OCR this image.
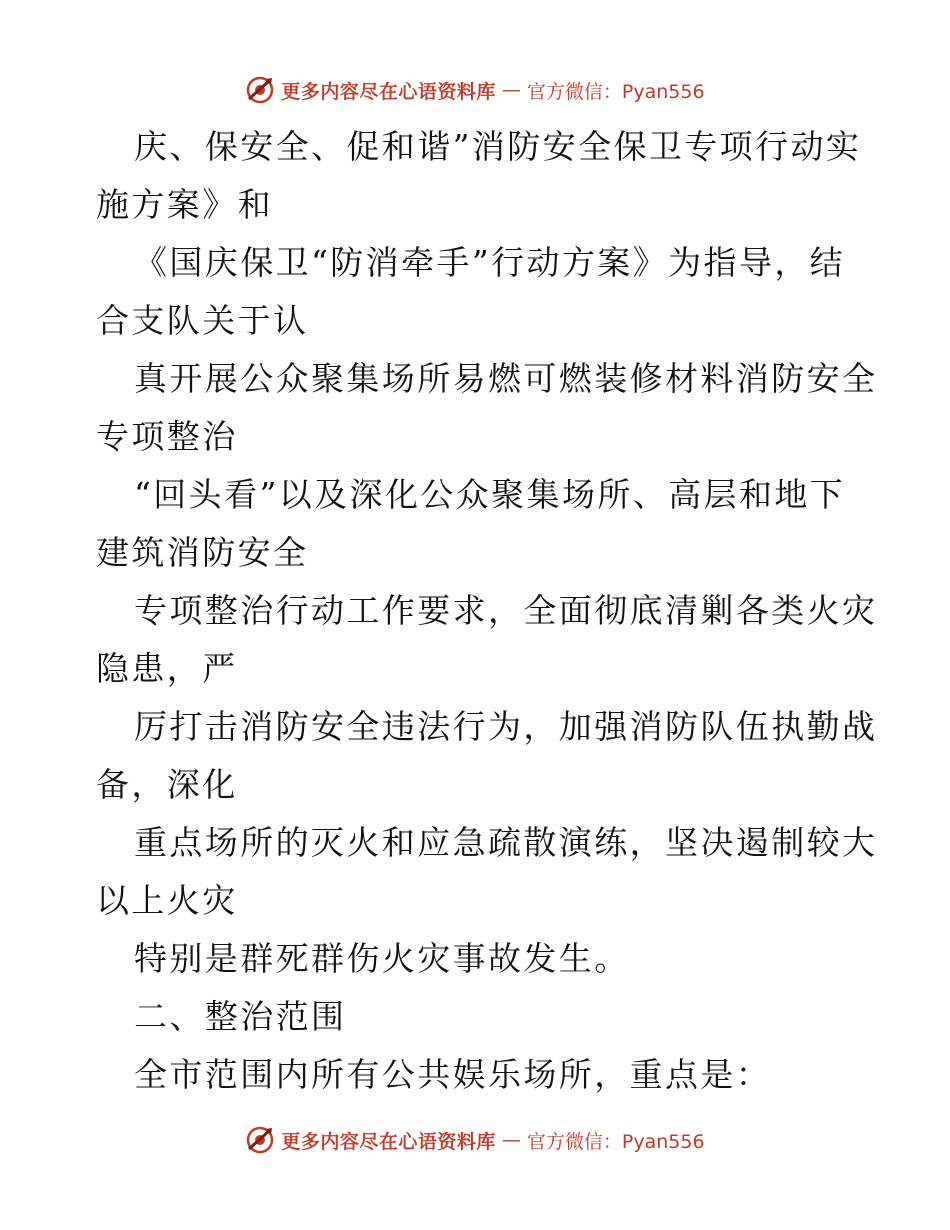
更多内容尽在心语资料库 — 官方微信：Pyan556
庆、保安全、促和谐”消防安全保卫专项行动实
施方案》和
《国庆保卫“防消牵手”行动方案》为指导，结
合支队关于认
真开展公众聚集场所易燃可燃装修材料消防安全
专项整治
“回头看”以及深化公众聚集场所、高层和地下
建筑消防安全
专项整治行动工作要求，全面彻底清剿各类火灾
隐患，严
厉打击消防安全违法行为，加强消防队伍执勤战
备，深化
重点场所的灭火和应急疏散演练，坚决遏制较大
以上火灾
特别是群死群伤火灾事故发生。
二、整治范围
全市范围内所有公共娱乐场所，重点是：
更多内容尽在心语资料库 — 官方微信：Pyan556
